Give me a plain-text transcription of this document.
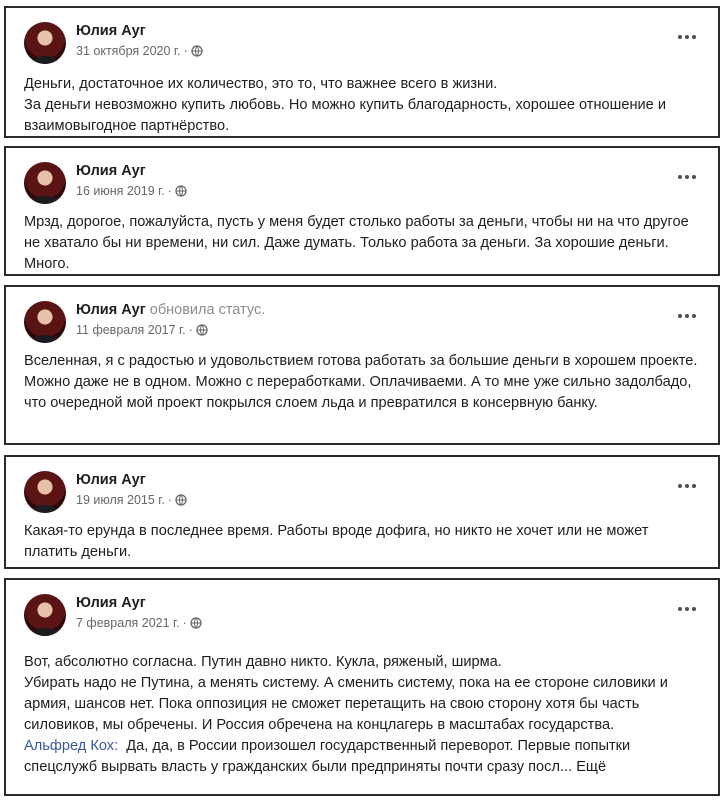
Юлия Ауг
31 октября 2020 г. ·

Деньги, достаточное их количество, это то, что важнее всего в жизни.

За деньги невозможно купить любовь. Но можно купить благодарность, хорошее отношение и взаимовыгодное партнёрство.

Юлия Ауг
16 июня 2019 г. ·

Мрзд, дорогое, пожалуйста, пусть у меня будет столько работы за деньги, чтобы ни на что другое не хватало бы ни времени, ни сил. Даже думать. Только работа за деньги. За хорошие деньги. Много.

Юлия Ауг обновила статус.
11 февраля 2017 г. ·

Вселенная, я с радостью и удовольствием готова работать за большие деньги в хорошем проекте. Можно даже не в одном. Можно с переработками. Оплачиваеми. А то мне уже сильно задолбадо, что очередной мой проект покрылся слоем льда и превратился в консервную банку.

Юлия Ауг
19 июля 2015 г. ·

Какая-то ерунда в последнее время. Работы вроде дофига, но никто не хочет или не может платить деньги.

Юлия Ауг
7 февраля 2021 г. ·

Вот, абсолютно согласна. Путин давно никто. Кукла, ряженый, ширма.

Убирать надо не Путина, а менять систему. А сменить систему, пока на ее стороне силовики и армия, шансов нет. Пока оппозиция не сможет перетащить на свою сторону хотя бы часть силовиков, мы обречены. И Россия обречена на концлагерь в масштабах государства.

Альфред Кох: Да, да, в России произошел государственный переворот. Первые попытки спецслужб вырвать власть у гражданских были предприняты почти сразу посл... Ещё
